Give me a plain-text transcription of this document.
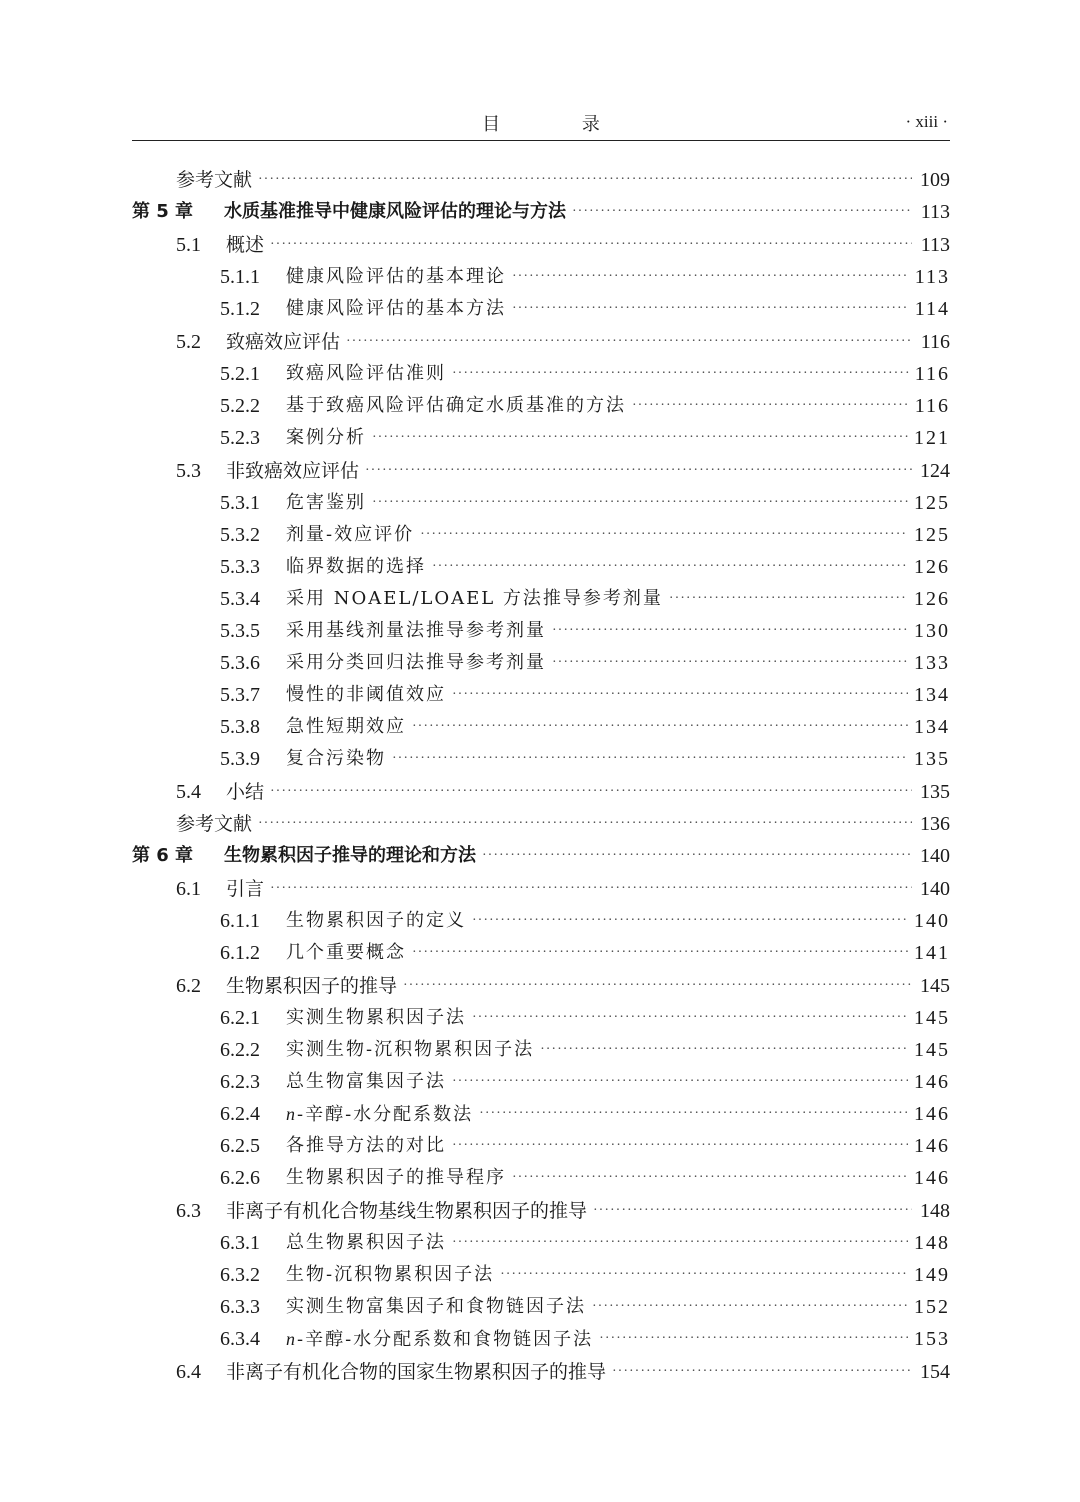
目 录	· xiii ·
参考文献 ·····	109
第 5 章	水质基准推导中健康风险评估的理论与方法 ·····	113
5.1	概述 ·····	113
5.1.1	健康风险评估的基本理论 ·····	113
5.1.2	健康风险评估的基本方法 ·····	114
5.2	致癌效应评估 ·····	116
5.2.1	致癌风险评估准则 ·····	116
5.2.2	基于致癌风险评估确定水质基准的方法 ·····	116
5.2.3	案例分析 ·····	121
5.3	非致癌效应评估 ·····	124
5.3.1	危害鉴别 ·····	125
5.3.2	剂量-效应评价 ·····	125
5.3.3	临界数据的选择 ·····	126
5.3.4	采用 NOAEL/LOAEL 方法推导参考剂量 ·····	126
5.3.5	采用基线剂量法推导参考剂量 ·····	130
5.3.6	采用分类回归法推导参考剂量 ·····	133
5.3.7	慢性的非阈值效应 ·····	134
5.3.8	急性短期效应 ·····	134
5.3.9	复合污染物 ·····	135
5.4	小结 ·····	135
参考文献 ·····	136
第 6 章	生物累积因子推导的理论和方法 ·····	140
6.1	引言 ·····	140
6.1.1	生物累积因子的定义 ·····	140
6.1.2	几个重要概念 ·····	141
6.2	生物累积因子的推导 ·····	145
6.2.1	实测生物累积因子法 ·····	145
6.2.2	实测生物-沉积物累积因子法 ·····	145
6.2.3	总生物富集因子法 ·····	146
6.2.4	n-辛醇-水分配系数法 ·····	146
6.2.5	各推导方法的对比 ·····	146
6.2.6	生物累积因子的推导程序 ·····	146
6.3	非离子有机化合物基线生物累积因子的推导 ·····	148
6.3.1	总生物累积因子法 ·····	148
6.3.2	生物-沉积物累积因子法 ·····	149
6.3.3	实测生物富集因子和食物链因子法 ·····	152
6.3.4	n-辛醇-水分配系数和食物链因子法 ·····	153
6.4	非离子有机化合物的国家生物累积因子的推导 ·····	154
